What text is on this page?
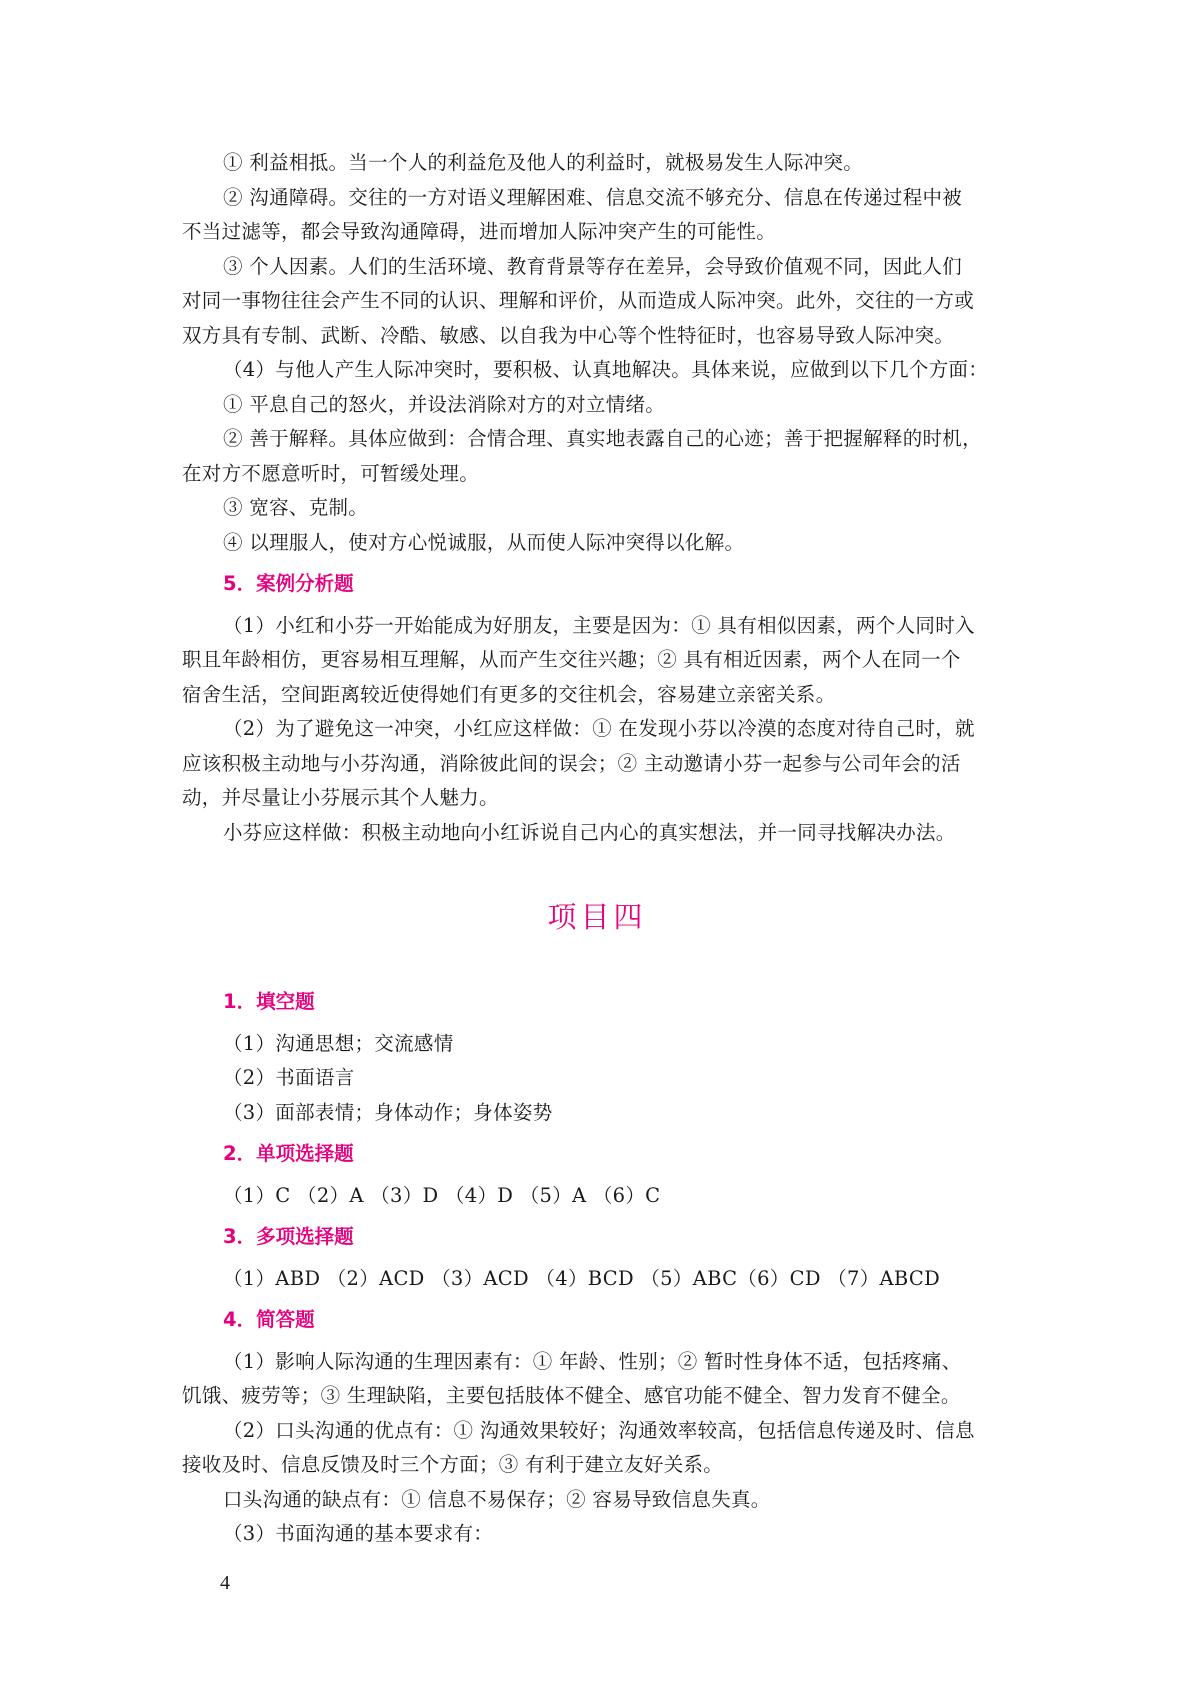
① 利益相抵。当一个人的利益危及他人的利益时，就极易发生人际冲突。

② 沟通障碍。交往的一方对语义理解困难、信息交流不够充分、信息在传递过程中被

不当过滤等，都会导致沟通障碍，进而增加人际冲突产生的可能性。

③ 个人因素。人们的生活环境、教育背景等存在差异，会导致价值观不同，因此人们

对同一事物往往会产生不同的认识、理解和评价，从而造成人际冲突。此外，交往的一方或

双方具有专制、武断、冷酷、敏感、以自我为中心等个性特征时，也容易导致人际冲突。

（4）与他人产生人际冲突时，要积极、认真地解决。具体来说，应做到以下几个方面：

① 平息自己的怒火，并设法消除对方的对立情绪。

② 善于解释。具体应做到：合情合理、真实地表露自己的心迹；善于把握解释的时机，

在对方不愿意听时，可暂缓处理。

③ 宽容、克制。

④ 以理服人，使对方心悦诚服，从而使人际冲突得以化解。

5．案例分析题

（1）小红和小芬一开始能成为好朋友，主要是因为：① 具有相似因素，两个人同时入

职且年龄相仿，更容易相互理解，从而产生交往兴趣；② 具有相近因素，两个人在同一个

宿舍生活，空间距离较近使得她们有更多的交往机会，容易建立亲密关系。

（2）为了避免这一冲突，小红应这样做：① 在发现小芬以冷漠的态度对待自己时，就

应该积极主动地与小芬沟通，消除彼此间的误会；② 主动邀请小芬一起参与公司年会的活

动，并尽量让小芬展示其个人魅力。

小芬应这样做：积极主动地向小红诉说自己内心的真实想法，并一同寻找解决办法。

项目四
1．填空题

（1）沟通思想；交流感情

（2）书面语言

（3）面部表情；身体动作；身体姿势

2．单项选择题

（1）C （2）A （3）D （4）D （5）A （6）C

3．多项选择题

（1）ABD （2）ACD （3）ACD （4）BCD （5）ABC（6）CD （7）ABCD

4．简答题

（1）影响人际沟通的生理因素有：① 年龄、性别；② 暂时性身体不适，包括疼痛、

饥饿、疲劳等；③ 生理缺陷，主要包括肢体不健全、感官功能不健全、智力发育不健全。

（2）口头沟通的优点有：① 沟通效果较好；沟通效率较高，包括信息传递及时、信息

接收及时、信息反馈及时三个方面；③ 有利于建立友好关系。

口头沟通的缺点有：① 信息不易保存；② 容易导致信息失真。

（3）书面沟通的基本要求有：

4
